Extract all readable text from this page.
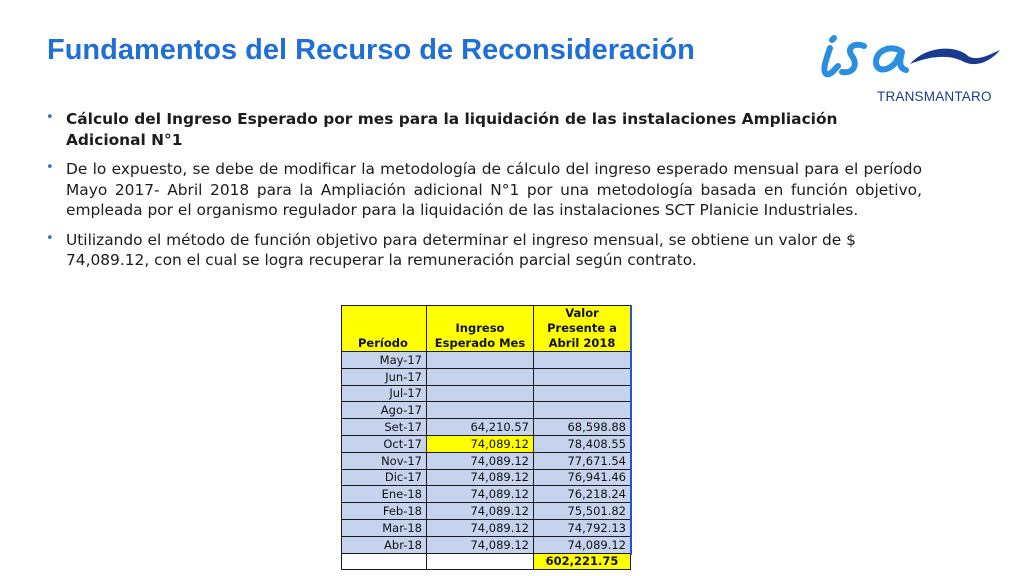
Fundamentos del Recurso de Reconsideración
TRANSMANTARO
• Cálculo del Ingreso Esperado por mes para la liquidación de las instalaciones Ampliación Adicional N°1
• De lo expuesto, se debe de modificar la metodología de cálculo del ingreso esperado mensual para el período Mayo 2017- Abril 2018 para la Ampliación adicional N°1 por una metodología basada en función objetivo, empleada por el organismo regulador para la liquidación de las instalaciones SCT Planicie Industriales.
• Utilizando el método de función objetivo para determinar el ingreso mensual, se obtiene un valor de $ 74,089.12, con el cual se logra recuperar la remuneración parcial según contrato.
Período	Ingreso Esperado Mes	Valor Presente a Abril 2018
May-17		
Jun-17		
Jul-17		
Ago-17		
Set-17	64,210.57	68,598.88
Oct-17	74,089.12	78,408.55
Nov-17	74,089.12	77,671.54
Dic-17	74,089.12	76,941.46
Ene-18	74,089.12	76,218.24
Feb-18	74,089.12	75,501.82
Mar-18	74,089.12	74,792.13
Abr-18	74,089.12	74,089.12
		602,221.75
